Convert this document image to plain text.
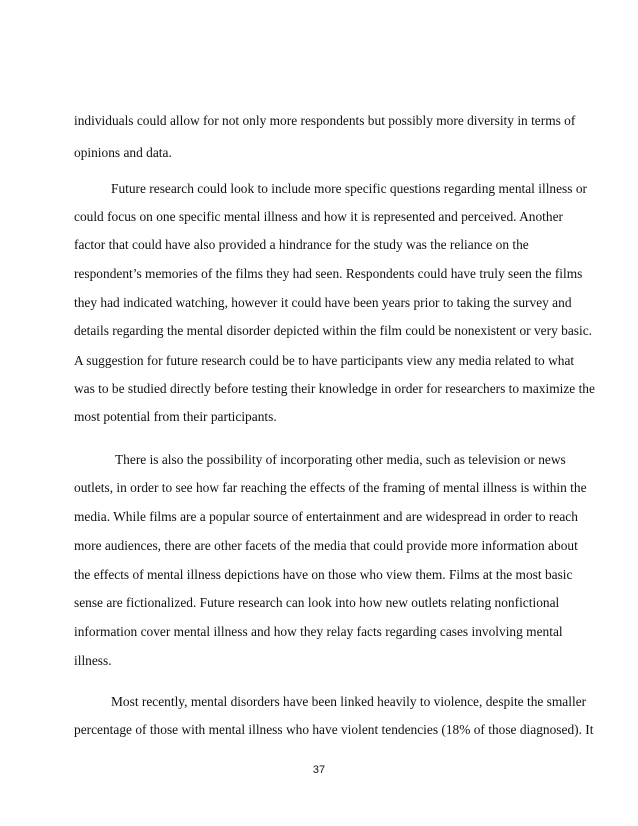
individuals could allow for not only more respondents but possibly more diversity in terms of

opinions and data.

Future research could look to include more specific questions regarding mental illness or

could focus on one specific mental illness and how it is represented and perceived. Another

factor that could have also provided a hindrance for the study was the reliance on the

respondent’s memories of the films they had seen. Respondents could have truly seen the films

they had indicated watching, however it could have been years prior to taking the survey and

details regarding the mental disorder depicted within the film could be nonexistent or very basic.

A suggestion for future research could be to have participants view any media related to what

was to be studied directly before testing their knowledge in order for researchers to maximize the

most potential from their participants.

There is also the possibility of incorporating other media, such as television or news

outlets, in order to see how far reaching the effects of the framing of mental illness is within the

media. While films are a popular source of entertainment and are widespread in order to reach

more audiences, there are other facets of the media that could provide more information about

the effects of mental illness depictions have on those who view them. Films at the most basic

sense are fictionalized. Future research can look into how new outlets relating nonfictional

information cover mental illness and how they relay facts regarding cases involving mental

illness.

Most recently, mental disorders have been linked heavily to violence, despite the smaller

percentage of those with mental illness who have violent tendencies (18% of those diagnosed). It

37
